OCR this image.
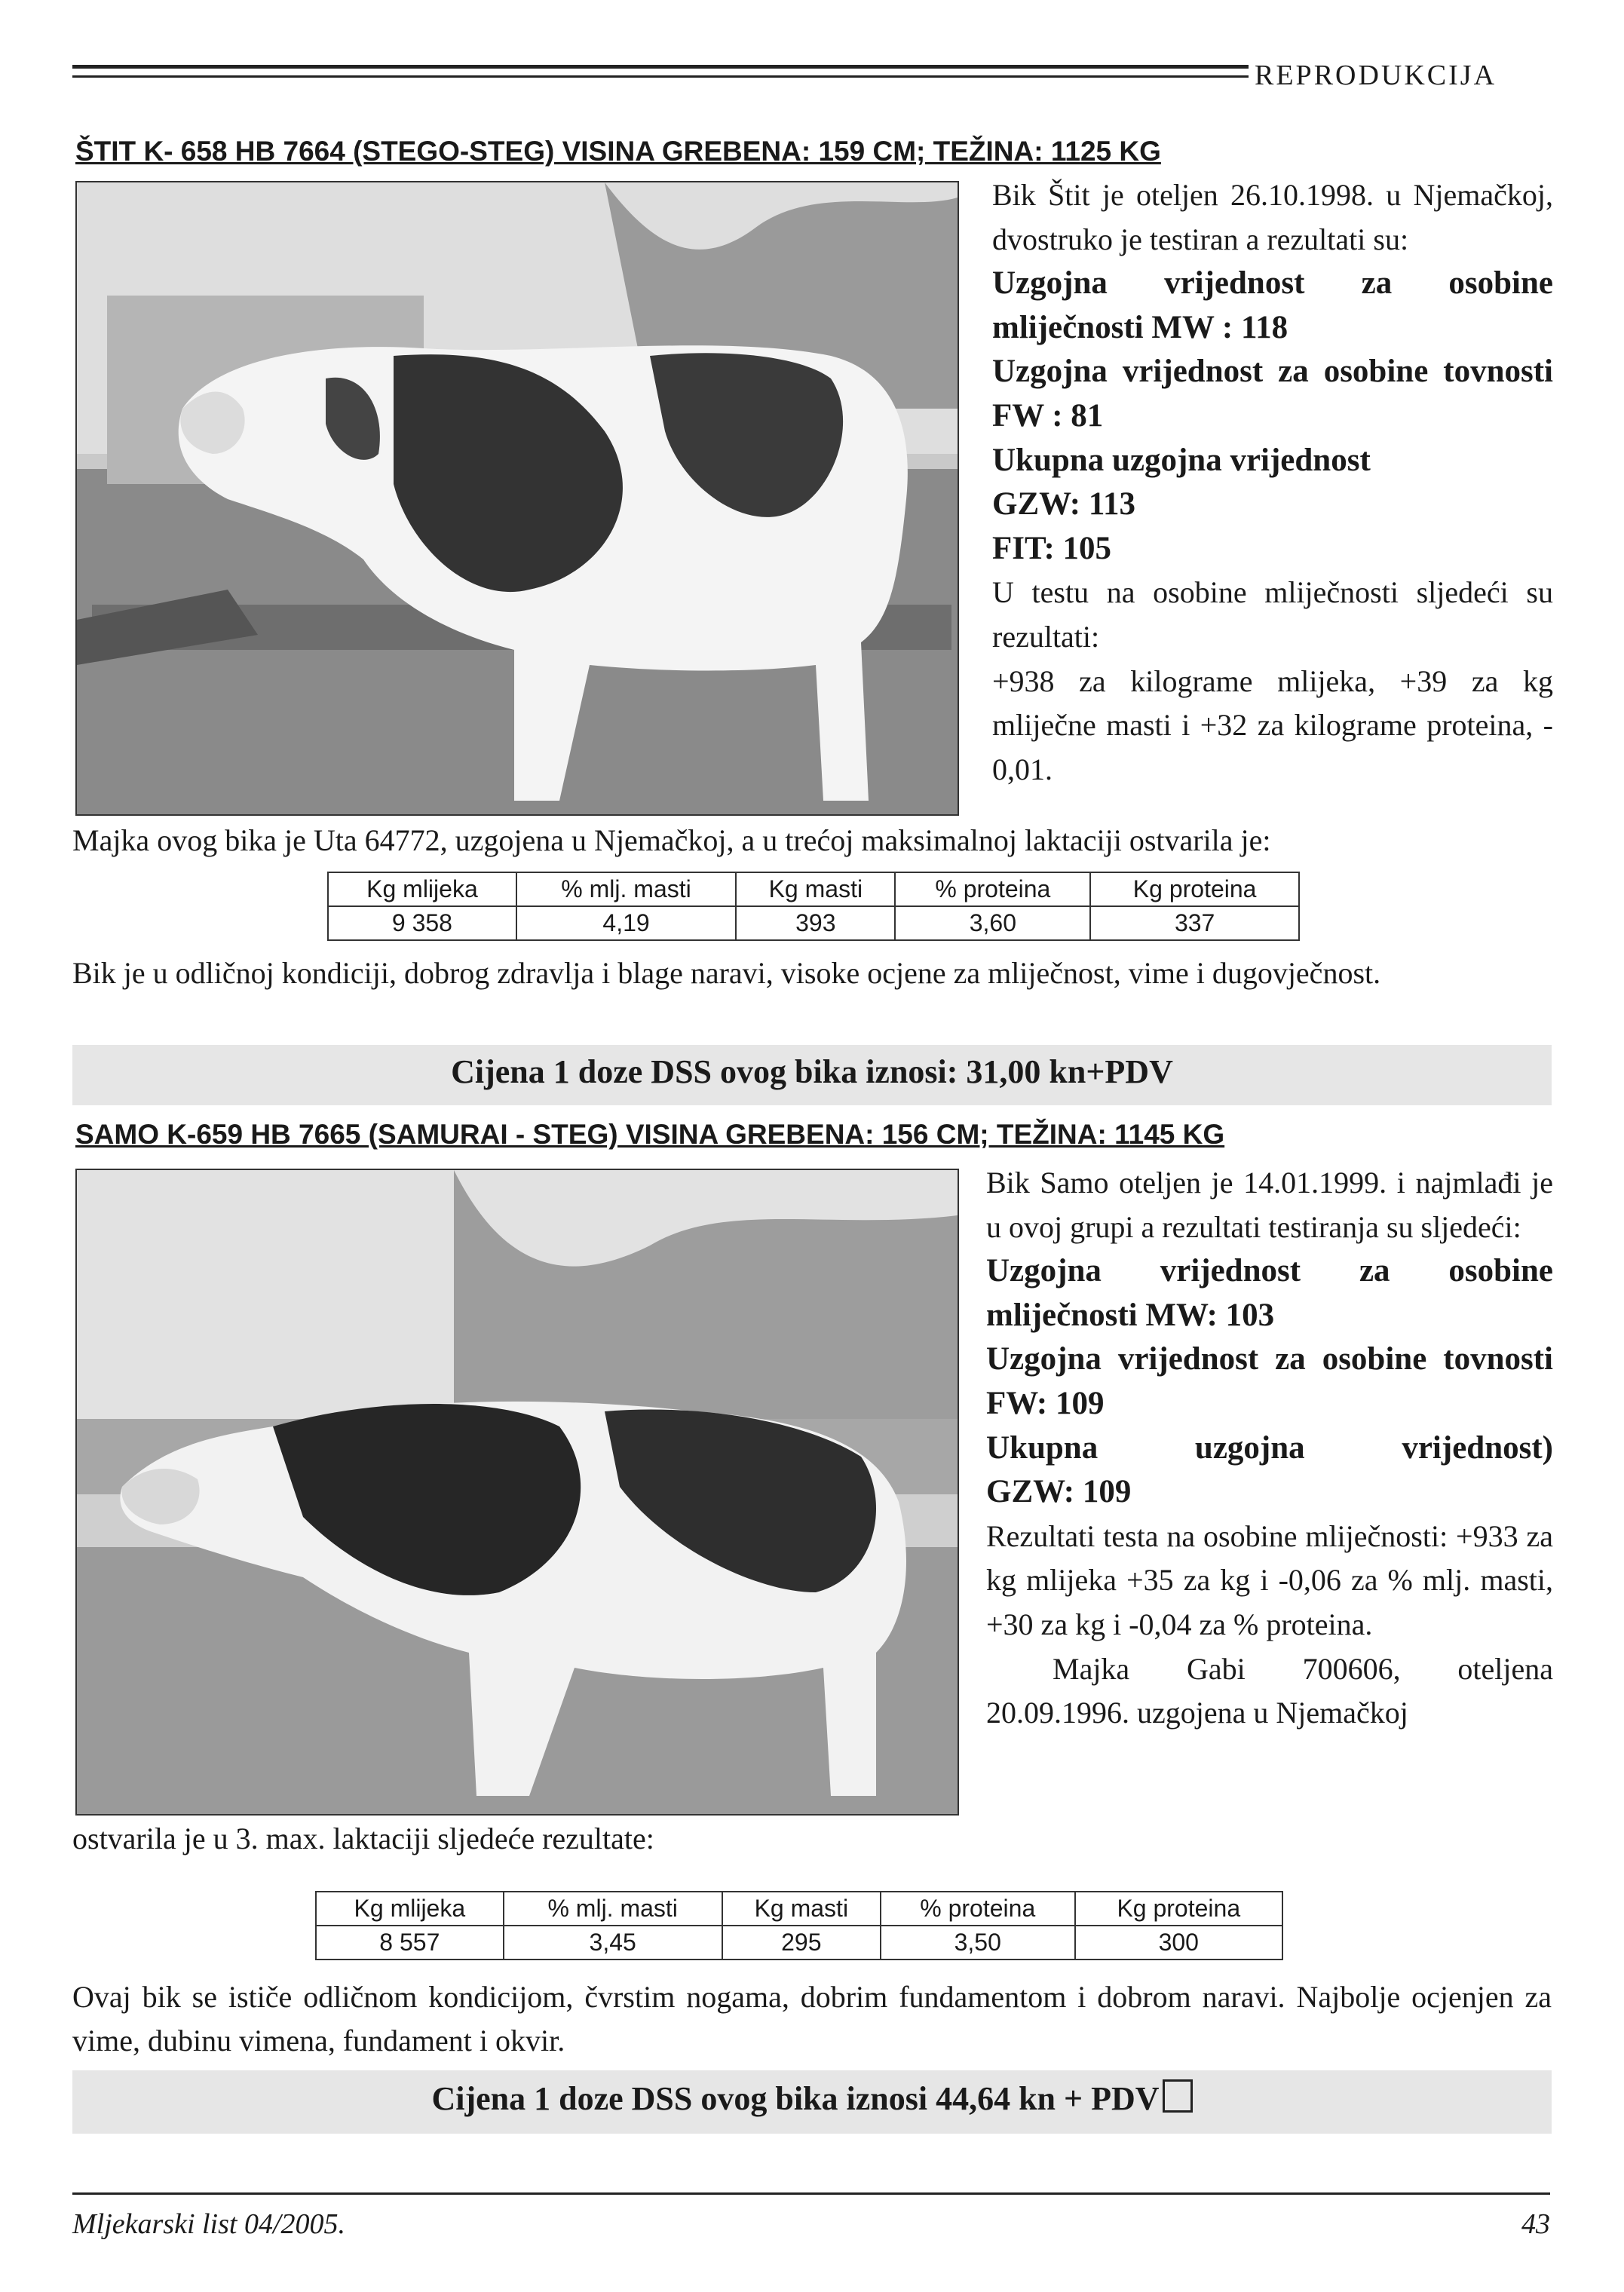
REPRODUKCIJA
ŠTIT K- 658 HB 7664 (STEGO-STEG) VISINA GREBENA: 159 CM; TEŽINA: 1125 KG

Bik Štit je oteljen 26.10.1998. u Njemačkoj, dvostruko je testiran a rezultati su:

Uzgojna vrijednost za osobine mliječnosti MW : 118

Uzgojna vrijednost za osobine tovnosti FW : 81

Ukupna uzgojna vrijednost

GZW: 113

FIT: 105

U testu na osobine mliječnosti sljedeći su rezultati:

+938 za kilograme mlijeka, +39 za kg mliječne masti i +32 za kilograme proteina, - 0,01.

Majka ovog bika je Uta 64772, uzgojena u Njemačkoj, a u trećoj maksimalnoj laktaciji ostvarila je:
Kg mlijeka	% mlj. masti	Kg masti	% proteina	Kg proteina
9 358	4,19	393	3,60	337
Bik je u odličnoj kondiciji, dobrog zdravlja i blage naravi, visoke ocjene za mliječnost, vime i dugovječnost.
Cijena 1 doze DSS ovog bika iznosi: 31,00 kn+PDV
SAMO K-659 HB 7665 (SAMURAI - STEG) VISINA GREBENA: 156 CM; TEŽINA: 1145 KG

Bik Samo oteljen je 14.01.1999. i najmlađi je u ovoj grupi a rezultati testiranja su sljedeći:

Uzgojna vrijednost za osobine mliječnosti MW: 103

Uzgojna vrijednost za osobine tovnosti FW: 109

Ukupna uzgojna vrijednost)

GZW: 109

Rezultati testa na osobine mliječnosti: +933 za kg mlijeka +35 za kg i -0,06 za % mlj. masti, +30 za kg i -0,04 za % proteina.

Majka Gabi 700606, oteljena 20.09.1996. uzgojena u Njemačkoj

ostvarila je u 3. max. laktaciji sljedeće rezultate:
Kg mlijeka	% mlj. masti	Kg masti	% proteina	Kg proteina
8 557	3,45	295	3,50	300
Ovaj bik se ističe odličnom kondicijom, čvrstim nogama, dobrim fundamentom i dobrom naravi. Najbolje ocjenjen za vime, dubinu vimena, fundament i okvir.
Cijena 1 doze DSS ovog bika iznosi 44,64 kn + PDV
Mljekarski list 04/2005.	43
